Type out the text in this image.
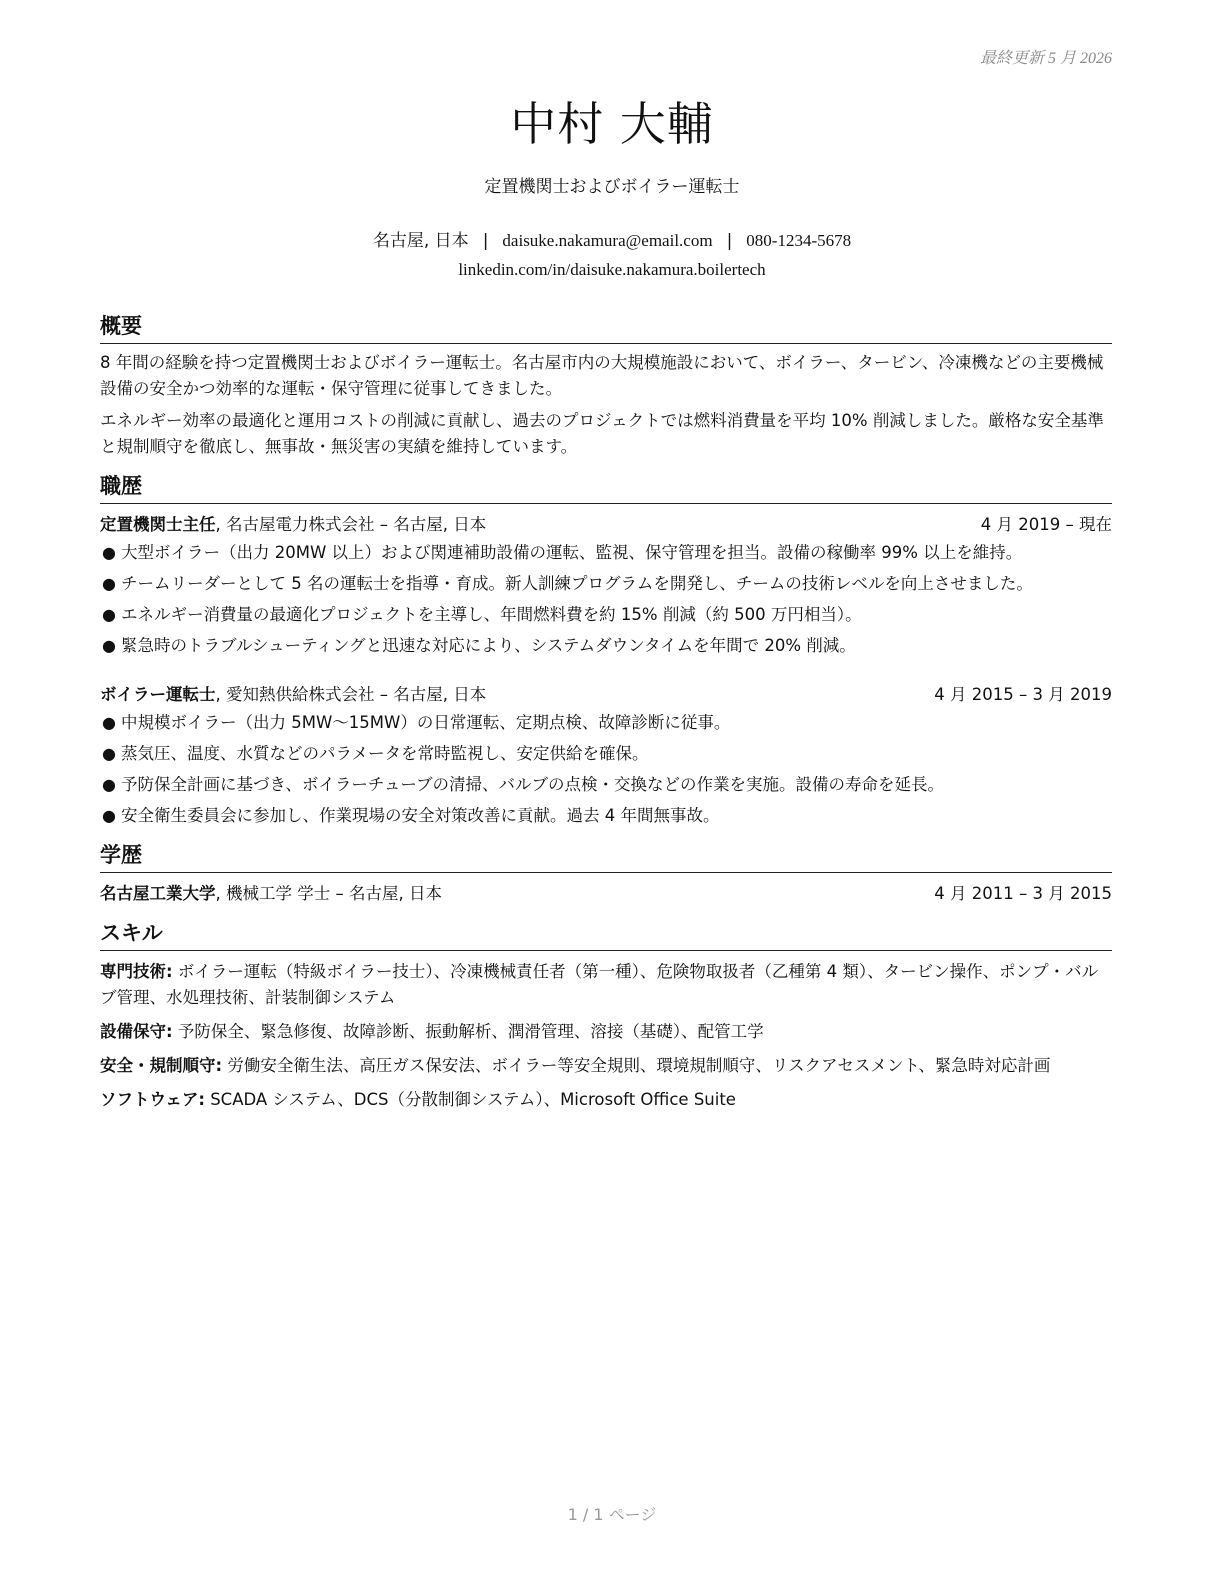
最終更新 5 月 2026
中村 大輔
定置機関士およびボイラー運転士
名古屋, 日本 | daisuke.nakamura@email.com | 080-1234-5678
linkedin.com/in/daisuke.nakamura.boilertech
概要

8 年間の経験を持つ定置機関士およびボイラー運転士。名古屋市内の大規模施設において、ボイラー、タービン、冷凍機などの主要機械設備の安全かつ効率的な運転・保守管理に従事してきました。

エネルギー効率の最適化と運用コストの削減に貢献し、過去のプロジェクトでは燃料消費量を平均 10% 削減しました。厳格な安全基準と規制順守を徹底し、無事故・無災害の実績を維持しています。

職歴
定置機関士主任, 名古屋電力株式会社 – 名古屋, 日本	4 月 2019 – 現在
● 大型ボイラー（出力 20MW 以上）および関連補助設備の運転、監視、保守管理を担当。設備の稼働率 99% 以上を維持。
● チームリーダーとして 5 名の運転士を指導・育成。新人訓練プログラムを開発し、チームの技術レベルを向上させました。
● エネルギー消費量の最適化プロジェクトを主導し、年間燃料費を約 15% 削減（約 500 万円相当）。
● 緊急時のトラブルシューティングと迅速な対応により、システムダウンタイムを年間で 20% 削減。
ボイラー運転士, 愛知熱供給株式会社 – 名古屋, 日本	4 月 2015 – 3 月 2019
● 中規模ボイラー（出力 5MW〜15MW）の日常運転、定期点検、故障診断に従事。
● 蒸気圧、温度、水質などのパラメータを常時監視し、安定供給を確保。
● 予防保全計画に基づき、ボイラーチューブの清掃、バルブの点検・交換などの作業を実施。設備の寿命を延長。
● 安全衛生委員会に参加し、作業現場の安全対策改善に貢献。過去 4 年間無事故。
学歴
名古屋工業大学, 機械工学 学士 – 名古屋, 日本	4 月 2011 – 3 月 2015
スキル

専門技術: ボイラー運転（特級ボイラー技士）、冷凍機械責任者（第一種）、危険物取扱者（乙種第 4 類）、タービン操作、ポンプ・バルブ管理、水処理技術、計装制御システム

設備保守: 予防保全、緊急修復、故障診断、振動解析、潤滑管理、溶接（基礎）、配管工学

安全・規制順守: 労働安全衛生法、高圧ガス保安法、ボイラー等安全規則、環境規制順守、リスクアセスメント、緊急時対応計画

ソフトウェア: SCADA システム、DCS（分散制御システム）、Microsoft Office Suite

1 / 1 ページ
